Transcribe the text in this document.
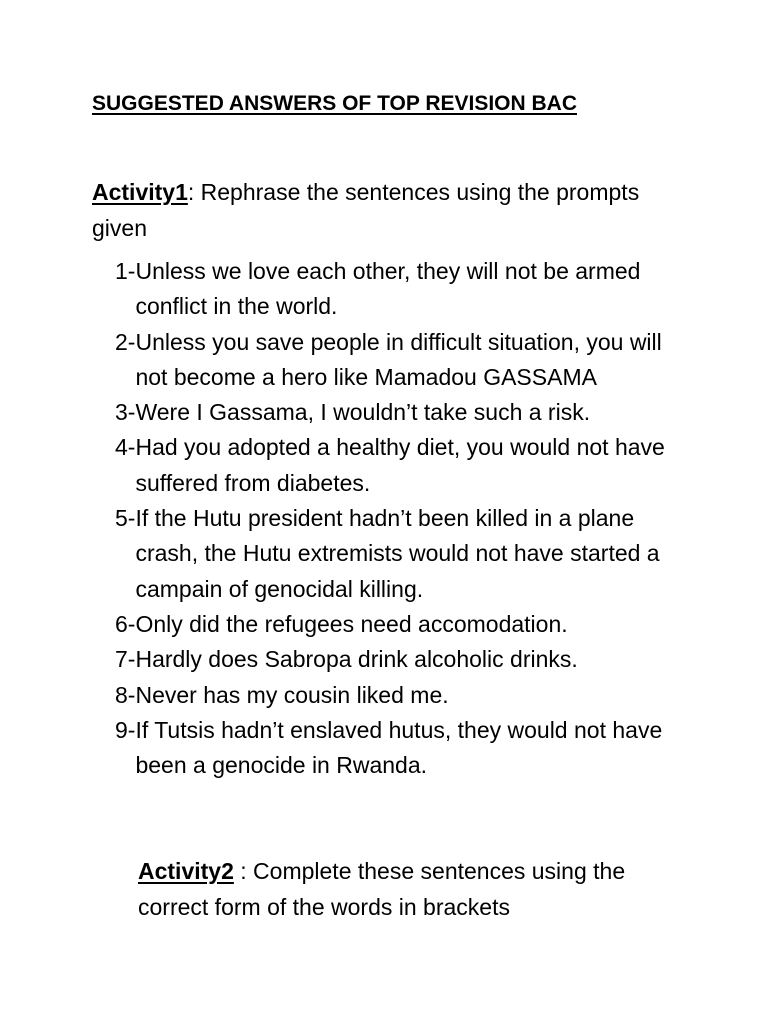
SUGGESTED ANSWERS OF TOP REVISION BAC

Activity1: Rephrase the sentences using the prompts given

1- Unless we love each other, they will not be armed conflict in the world.
2- Unless you save people in difficult situation, you will not become a hero like Mamadou GASSAMA
3- Were I Gassama, I wouldn’t take such a risk.
4- Had you adopted a healthy diet, you would not have suffered from diabetes.
5- If the Hutu president hadn’t been killed in a plane crash, the Hutu extremists would not have started a campain of genocidal killing.
6- Only did the refugees need accomodation.
7- Hardly does Sabropa drink alcoholic drinks.
8- Never has my cousin liked me.
9- If Tutsis hadn’t enslaved hutus, they would not have been a genocide in Rwanda.

Activity2 : Complete these sentences using the correct form of the words in brackets
